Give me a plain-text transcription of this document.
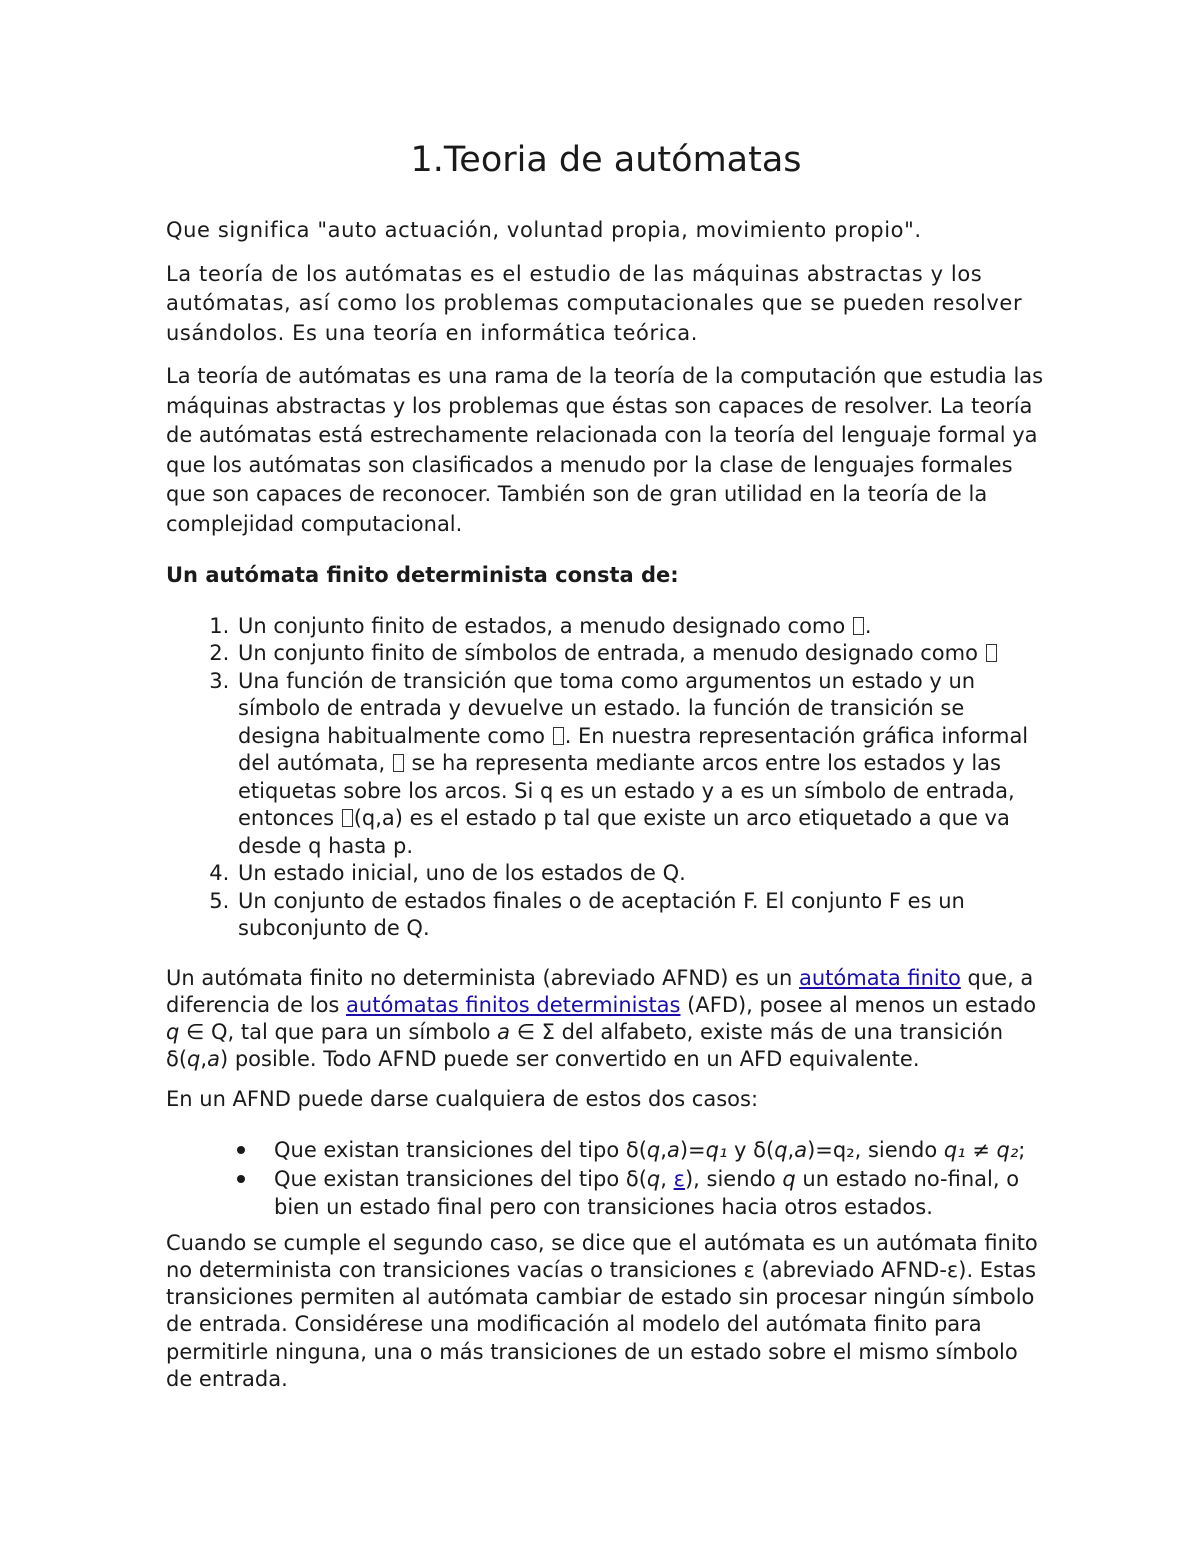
1.Teoria de autómatas

Que significa "auto actuación, voluntad propia, movimiento propio".

La teoría de los autómatas es el estudio de las máquinas abstractas y los autómatas, así como los problemas computacionales que se pueden resolver usándolos. Es una teoría en informática teórica.

La teoría de autómatas es una rama de la teoría de la computación que estudia las máquinas abstractas y los problemas que éstas son capaces de resolver. La teoría de autómatas está estrechamente relacionada con la teoría del lenguaje formal ya que los autómatas son clasificados a menudo por la clase de lenguajes formales que son capaces de reconocer. También son de gran utilidad en la teoría de la complejidad computacional.

Un autómata finito determinista consta de:

1. Un conjunto finito de estados, a menudo designado como .
2. Un conjunto finito de símbolos de entrada, a menudo designado como
3. Una función de transición que toma como argumentos un estado y un símbolo de entrada y devuelve un estado. la función de transición se designa habitualmente como . En nuestra representación gráfica informal del autómata,  se ha representa mediante arcos entre los estados y las etiquetas sobre los arcos. Si q es un estado y a es un símbolo de entrada, entonces (q,a) es el estado p tal que existe un arco etiquetado a que va desde q hasta p.
4. Un estado inicial, uno de los estados de Q.
5. Un conjunto de estados finales o de aceptación F. El conjunto F es un subconjunto de Q.

Un autómata finito no determinista (abreviado AFND) es un autómata finito que, a diferencia de los autómatas finitos deterministas (AFD), posee al menos un estado q ∈ Q, tal que para un símbolo a ∈ Σ del alfabeto, existe más de una transición δ(q,a) posible. Todo AFND puede ser convertido en un AFD equivalente.

En un AFND puede darse cualquiera de estos dos casos:

Que existan transiciones del tipo δ(q,a)=q₁ y δ(q,a)=q₂, siendo q₁ ≠ q₂;
Que existan transiciones del tipo δ(q, ε), siendo q un estado no-final, o bien un estado final pero con transiciones hacia otros estados.

Cuando se cumple el segundo caso, se dice que el autómata es un autómata finito no determinista con transiciones vacías o transiciones ε (abreviado AFND-ε). Estas transiciones permiten al autómata cambiar de estado sin procesar ningún símbolo de entrada. Considérese una modificación al modelo del autómata finito para permitirle ninguna, una o más transiciones de un estado sobre el mismo símbolo de entrada.
